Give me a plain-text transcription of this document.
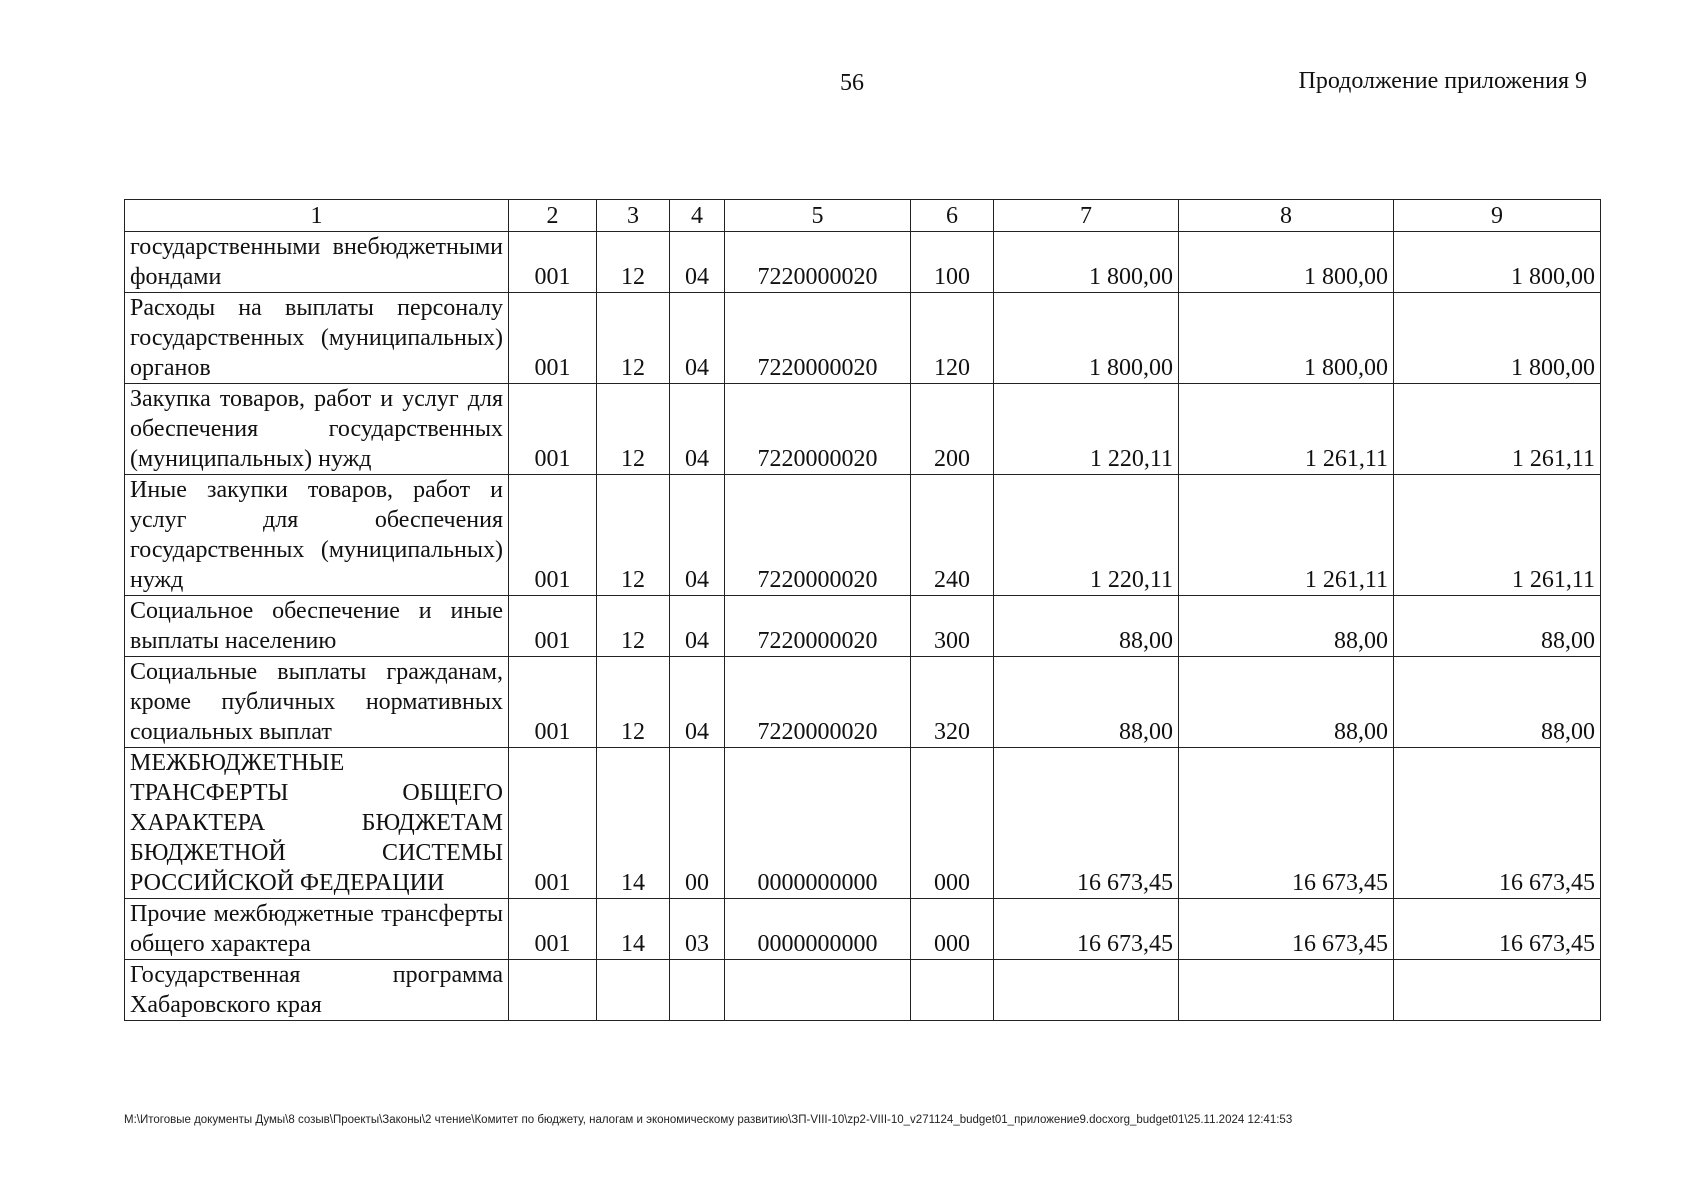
56	Продолжение приложения 9
1	2	3	4	5	6	7	8	9
государственными внебюджетными фондами	001	12	04	7220000020	100	1 800,00	1 800,00	1 800,00
Расходы на выплаты персоналу государственных (муниципальных) органов	001	12	04	7220000020	120	1 800,00	1 800,00	1 800,00
Закупка товаров, работ и услуг для обеспечения государственных (муниципальных) нужд	001	12	04	7220000020	200	1 220,11	1 261,11	1 261,11
Иные закупки товаров, работ и услуг для обеспечения государственных (муниципальных) нужд	001	12	04	7220000020	240	1 220,11	1 261,11	1 261,11
Социальное обеспечение и иные выплаты населению	001	12	04	7220000020	300	88,00	88,00	88,00
Социальные выплаты гражданам, кроме публичных нормативных социальных выплат	001	12	04	7220000020	320	88,00	88,00	88,00
МЕЖБЮДЖЕТНЫЕ ТРАНСФЕРТЫ ОБЩЕГО ХАРАКТЕРА БЮДЖЕТАМ БЮДЖЕТНОЙ СИСТЕМЫ РОССИЙСКОЙ ФЕДЕРАЦИИ	001	14	00	0000000000	000	16 673,45	16 673,45	16 673,45
Прочие межбюджетные трансферты общего характера	001	14	03	0000000000	000	16 673,45	16 673,45	16 673,45
Государственная программа Хабаровского края								
M:\Итоговые документы Думы\8 созыв\Проекты\Законы\2 чтение\Комитет по бюджету, налогам и экономическому развитию\ЗП-VIII-10\zp2-VIII-10_v271124_budget01_приложение9.docxorg_budget01\25.11.2024 12:41:53
